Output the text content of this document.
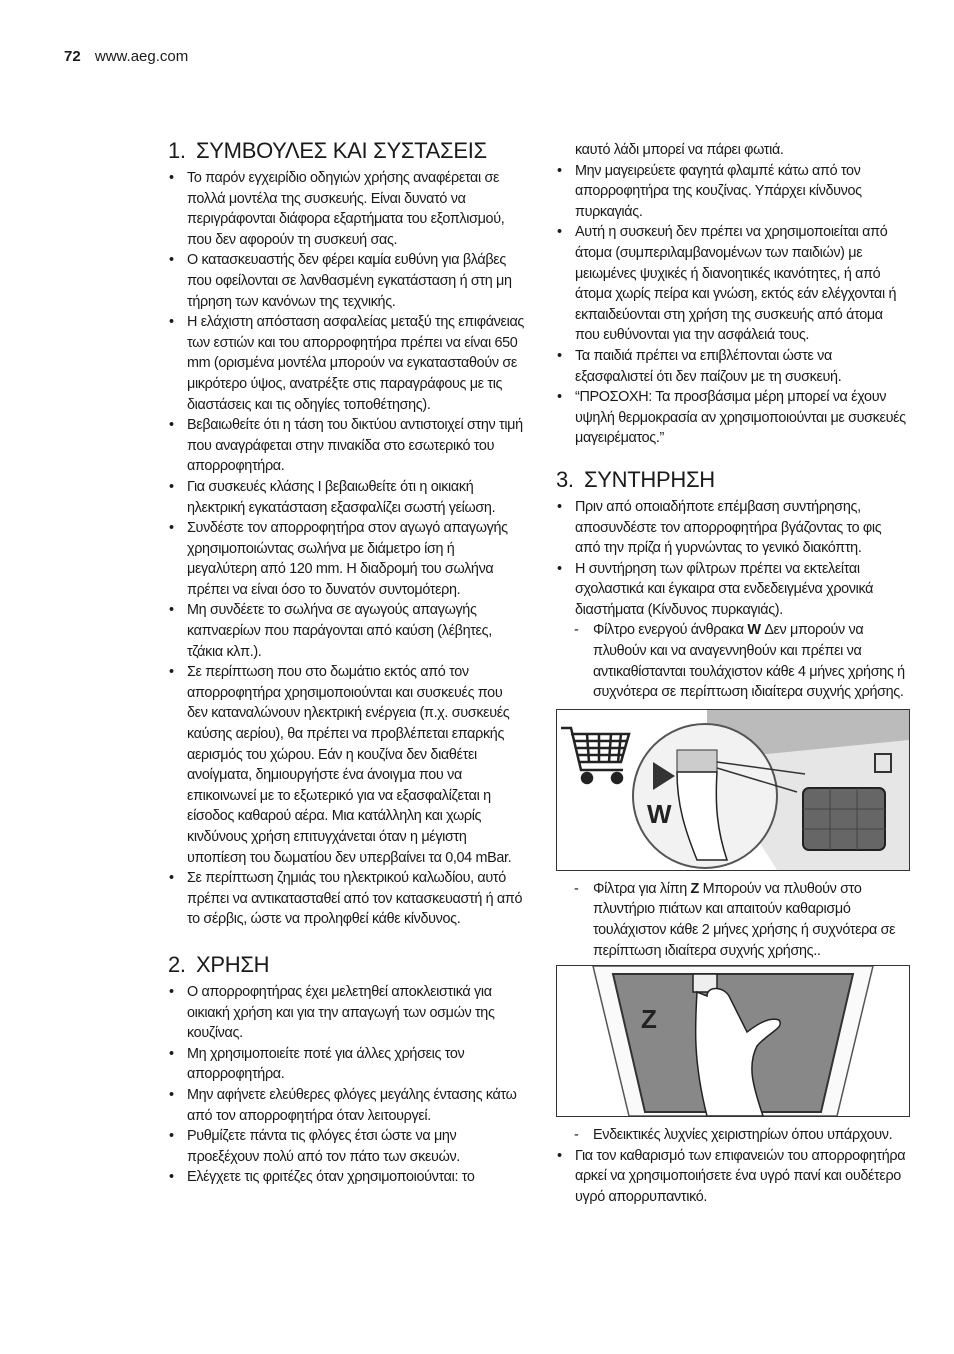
72 www.aeg.com
1. ΣΥΜΒΟΥΛΕΣ ΚΑΙ ΣΥΣΤΑΣΕΙΣ
• Το παρόν εγχειρίδιο οδηγιών χρήσης αναφέρεται σε πολλά μοντέλα της συσκευής. Είναι δυνατό να περιγράφονται διάφορα εξαρτήματα του εξοπλισμού, που δεν αφορούν τη συσκευή σας.
• Ο κατασκευαστής δεν φέρει καμία ευθύνη για βλάβες που οφείλονται σε λανθασμένη εγκατάσταση ή στη μη τήρηση των κανόνων της τεχνικής.
• Η ελάχιστη απόσταση ασφαλείας μεταξύ της επιφάνειας των εστιών και του απορροφητήρα πρέπει να είναι 650 mm (ορισμένα μοντέλα μπορούν να εγκατασταθούν σε μικρότερο ύψος, ανατρέξτε στις παραγράφους με τις διαστάσεις και τις οδηγίες τοποθέτησης).
• Βεβαιωθείτε ότι η τάση του δικτύου αντιστοιχεί στην τιμή που αναγράφεται στην πινακίδα στο εσωτερικό του απορροφητήρα.
• Για συσκευές κλάσης I βεβαιωθείτε ότι η οικιακή ηλεκτρική εγκατάσταση εξασφαλίζει σωστή γείωση.
• Συνδέστε τον απορροφητήρα στον αγωγό απαγωγής χρησιμοποιώντας σωλήνα με διάμετρο ίση ή μεγαλύτερη από 120 mm. Η διαδρομή του σωλήνα πρέπει να είναι όσο το δυνατόν συντομότερη.
• Μη συνδέετε το σωλήνα σε αγωγούς απαγωγής καπναερίων που παράγονται από καύση (λέβητες, τζάκια κλπ.).
• Σε περίπτωση που στο δωμάτιο εκτός από τον απορροφητήρα χρησιμοποιούνται και συσκευές που δεν καταναλώνουν ηλεκτρική ενέργεια (π.χ. συσκευές καύσης αερίου), θα πρέπει να προβλέπεται επαρκής αερισμός του χώρου. Εάν η κουζίνα δεν διαθέτει ανοίγματα, δημιουργήστε ένα άνοιγμα που να επικοινωνεί με το εξωτερικό για να εξασφαλίζεται η είσοδος καθαρού αέρα. Μια κατάλληλη και χωρίς κινδύνους χρήση επιτυγχάνεται όταν η μέγιστη υποπίεση του δωματίου δεν υπερβαίνει τα 0,04 mBar.
• Σε περίπτωση ζημιάς του ηλεκτρικού καλωδίου, αυτό πρέπει να αντικατασταθεί από τον κατασκευαστή ή από το σέρβις, ώστε να προληφθεί κάθε κίνδυνος.
2. ΧΡΗΣΗ
• Ο απορροφητήρας έχει μελετηθεί αποκλειστικά για οικιακή χρήση και για την απαγωγή των οσμών της κουζίνας.
• Μη χρησιμοποιείτε ποτέ για άλλες χρήσεις τον απορροφητήρα.
• Μην αφήνετε ελεύθερες φλόγες μεγάλης έντασης κάτω από τον απορροφητήρα όταν λειτουργεί.
• Ρυθμίζετε πάντα τις φλόγες έτσι ώστε να μην προεξέχουν πολύ από τον πάτο των σκευών.
• Ελέγχετε τις φριτέζες όταν χρησιμοποιούνται: το
καυτό λάδι μπορεί να πάρει φωτιά.
• Μην μαγειρεύετε φαγητά φλαμπέ κάτω από τον απορροφητήρα της κουζίνας. Υπάρχει κίνδυνος πυρκαγιάς.
• Αυτή η συσκευή δεν πρέπει να χρησιμοποιείται από άτομα (συμπεριλαμβανομένων των παιδιών) με μειωμένες ψυχικές ή διανοητικές ικανότητες, ή από άτομα χωρίς πείρα και γνώση, εκτός εάν ελέγχονται ή εκπαιδεύονται στη χρήση της συσκευής από άτομα που ευθύνονται για την ασφάλειά τους.
• Τα παιδιά πρέπει να επιβλέπονται ώστε να εξασφαλιστεί ότι δεν παίζουν με τη συσκευή.
• “ΠΡΟΣΟΧΗ: Τα προσβάσιμα μέρη μπορεί να έχουν υψηλή θερμοκρασία αν χρησιμοποιούνται με συσκευές μαγειρέματος.”
3. ΣΥΝΤΗΡΗΣΗ
• Πριν από οποιαδήποτε επέμβαση συντήρησης, αποσυνδέστε τον απορροφητήρα βγάζοντας το φις από την πρίζα ή γυρνώντας το γενικό διακόπτη.
• Η συντήρηση των φίλτρων πρέπει να εκτελείται σχολαστικά και έγκαιρα στα ενδεδειγμένα χρονικά διαστήματα (Κίνδυνος πυρκαγιάς).
- Φίλτρο ενεργού άνθρακα W Δεν μπορούν να πλυθούν και να αναγεννηθούν και πρέπει να αντικαθίστανται τουλάχιστον κάθε 4 μήνες χρήσης ή συχνότερα σε περίπτωση ιδιαίτερα συχνής χρήσης.
W
- Φίλτρα για λίπη Z Μπορούν να πλυθούν στο πλυντήριο πιάτων και απαιτούν καθαρισμό τουλάχιστον κάθε 2 μήνες χρήσης ή συχνότερα σε περίπτωση ιδιαίτερα συχνής χρήσης..
Z
- Ενδεικτικές λυχνίες χειριστηρίων όπου υπάρχουν.
• Για τον καθαρισμό των επιφανειών του απορροφητήρα αρκεί να χρησιμοποιήσετε ένα υγρό πανί και ουδέτερο υγρό απορρυπαντικό.
